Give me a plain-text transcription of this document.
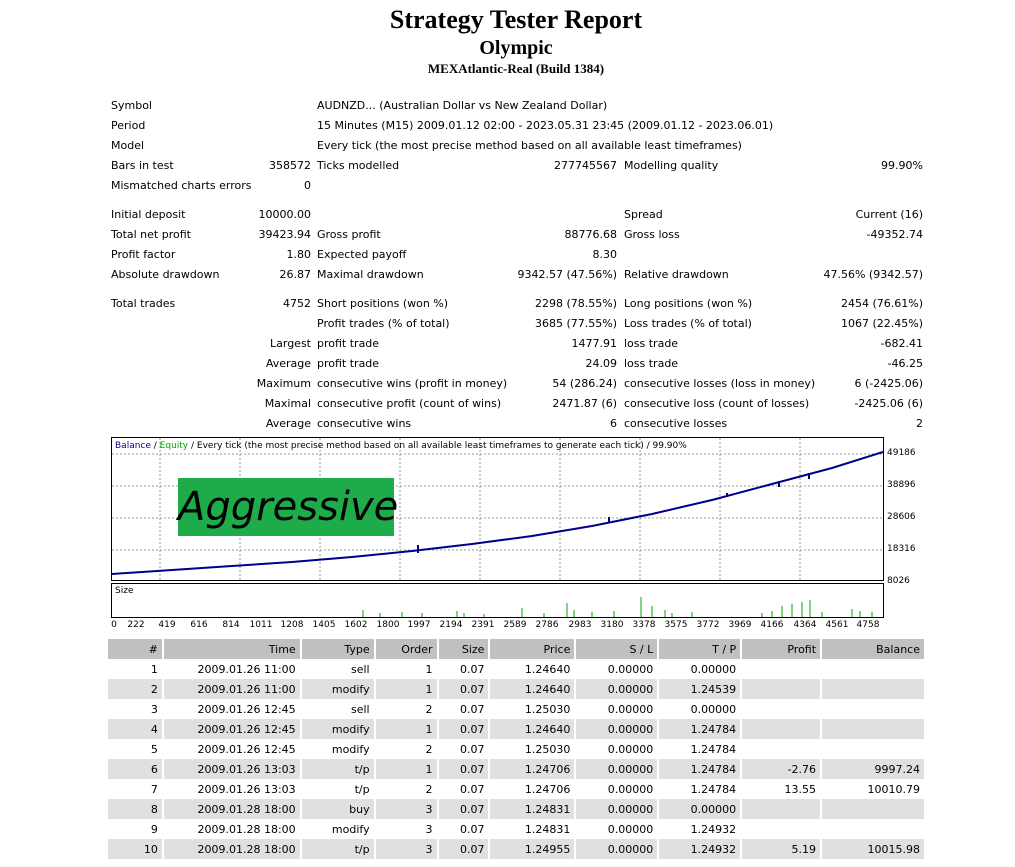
Strategy Tester Report
Olympic
MEXAtlantic-Real (Build 1384)
Symbol	AUDNZD... (Australian Dollar vs New Zealand Dollar)
Period	15 Minutes (M15) 2009.01.12 02:00 - 2023.05.31 23:45 (2009.01.12 - 2023.06.01)
Model	Every tick (the most precise method based on all available least timeframes)
Bars in test	358572 Ticks modelled	277745567 Modelling quality	99.90%
Mismatched charts errors	0
Initial deposit	10000.00	Spread	Current (16)
Total net profit	39423.94 Gross profit	88776.68 Gross loss	-49352.74
Profit factor	1.80 Expected payoff	8.30
Absolute drawdown	26.87 Maximal drawdown	9342.57 (47.56%) Relative drawdown	47.56% (9342.57)
Total trades	4752 Short positions (won %)	2298 (78.55%) Long positions (won %)	2454 (76.61%)
Profit trades (% of total)	3685 (77.55%) Loss trades (% of total)	1067 (22.45%)
Largest profit trade	1477.91 loss trade	-682.41
Average profit trade	24.09 loss trade	-46.25
Maximum consecutive wins (profit in money)	54 (286.24) consecutive losses (loss in money)	6 (-2425.06)
Maximal consecutive profit (count of wins)	2471.87 (6) consecutive loss (count of losses)	-2425.06 (6)
Average consecutive wins	6 consecutive losses	2
Balance / Equity / Every tick (the most precise method based on all available least timeframes to generate each tick) / 99.90%
Aggressive
49186
38896
28606
18316
8026
Size
0 222 419 616 814 1011 1208 1405 1602 1800 1997 2194 2391 2589 2786 2983 3180 3378 3575 3772 3969 4166 4364 4561 4758
#	Time	Type	Order	Size	Price	S / L	T / P	Profit	Balance
1	2009.01.26 11:00	sell	1	0.07	1.24640	0.00000	0.00000		
2	2009.01.26 11:00	modify	1	0.07	1.24640	0.00000	1.24539		
3	2009.01.26 12:45	sell	2	0.07	1.25030	0.00000	0.00000		
4	2009.01.26 12:45	modify	1	0.07	1.24640	0.00000	1.24784		
5	2009.01.26 12:45	modify	2	0.07	1.25030	0.00000	1.24784		
6	2009.01.26 13:03	t/p	1	0.07	1.24706	0.00000	1.24784	-2.76	9997.24
7	2009.01.26 13:03	t/p	2	0.07	1.24706	0.00000	1.24784	13.55	10010.79
8	2009.01.28 18:00	buy	3	0.07	1.24831	0.00000	0.00000		
9	2009.01.28 18:00	modify	3	0.07	1.24831	0.00000	1.24932		
10	2009.01.28 18:00	t/p	3	0.07	1.24955	0.00000	1.24932	5.19	10015.98
